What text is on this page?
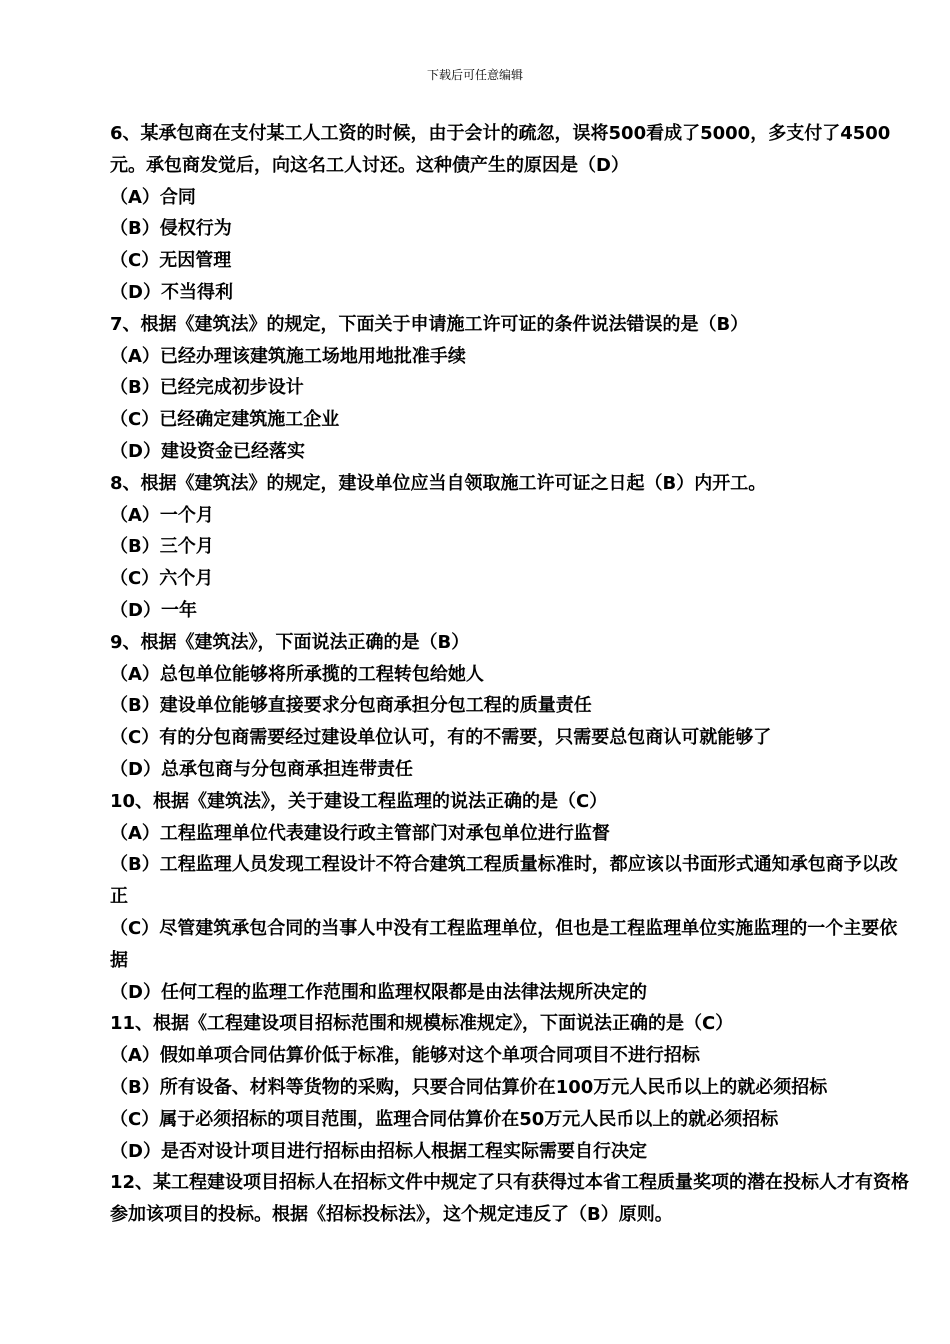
下载后可任意编辑

6、某承包商在支付某工人工资的时候，由于会计的疏忽，误将500看成了5000，多支付了4500元。承包商发觉后，向这名工人讨还。这种债产生的原因是（D）

（A）合同

（B）侵权行为

（C）无因管理

（D）不当得利

7、根据《建筑法》的规定，下面关于申请施工许可证的条件说法错误的是（B）

（A）已经办理该建筑施工场地用地批准手续

（B）已经完成初步设计

（C）已经确定建筑施工企业

（D）建设资金已经落实

8、根据《建筑法》的规定，建设单位应当自领取施工许可证之日起（B）内开工。

（A）一个月

（B）三个月

（C）六个月

（D）一年

9、根据《建筑法》，下面说法正确的是（B）

（A）总包单位能够将所承揽的工程转包给她人

（B）建设单位能够直接要求分包商承担分包工程的质量责任

（C）有的分包商需要经过建设单位认可，有的不需要，只需要总包商认可就能够了

（D）总承包商与分包商承担连带责任

10、根据《建筑法》，关于建设工程监理的说法正确的是（C）

（A）工程监理单位代表建设行政主管部门对承包单位进行监督

（B）工程监理人员发现工程设计不符合建筑工程质量标准时，都应该以书面形式通知承包商予以改正

（C）尽管建筑承包合同的当事人中没有工程监理单位，但也是工程监理单位实施监理的一个主要依据

（D）任何工程的监理工作范围和监理权限都是由法律法规所决定的

11、根据《工程建设项目招标范围和规模标准规定》，下面说法正确的是（C）

（A）假如单项合同估算价低于标准，能够对这个单项合同项目不进行招标

（B）所有设备、材料等货物的采购，只要合同估算价在100万元人民币以上的就必须招标

（C）属于必须招标的项目范围，监理合同估算价在50万元人民币以上的就必须招标

（D）是否对设计项目进行招标由招标人根据工程实际需要自行决定

12、某工程建设项目招标人在招标文件中规定了只有获得过本省工程质量奖项的潜在投标人才有资格参加该项目的投标。根据《招标投标法》，这个规定违反了（B）原则。
